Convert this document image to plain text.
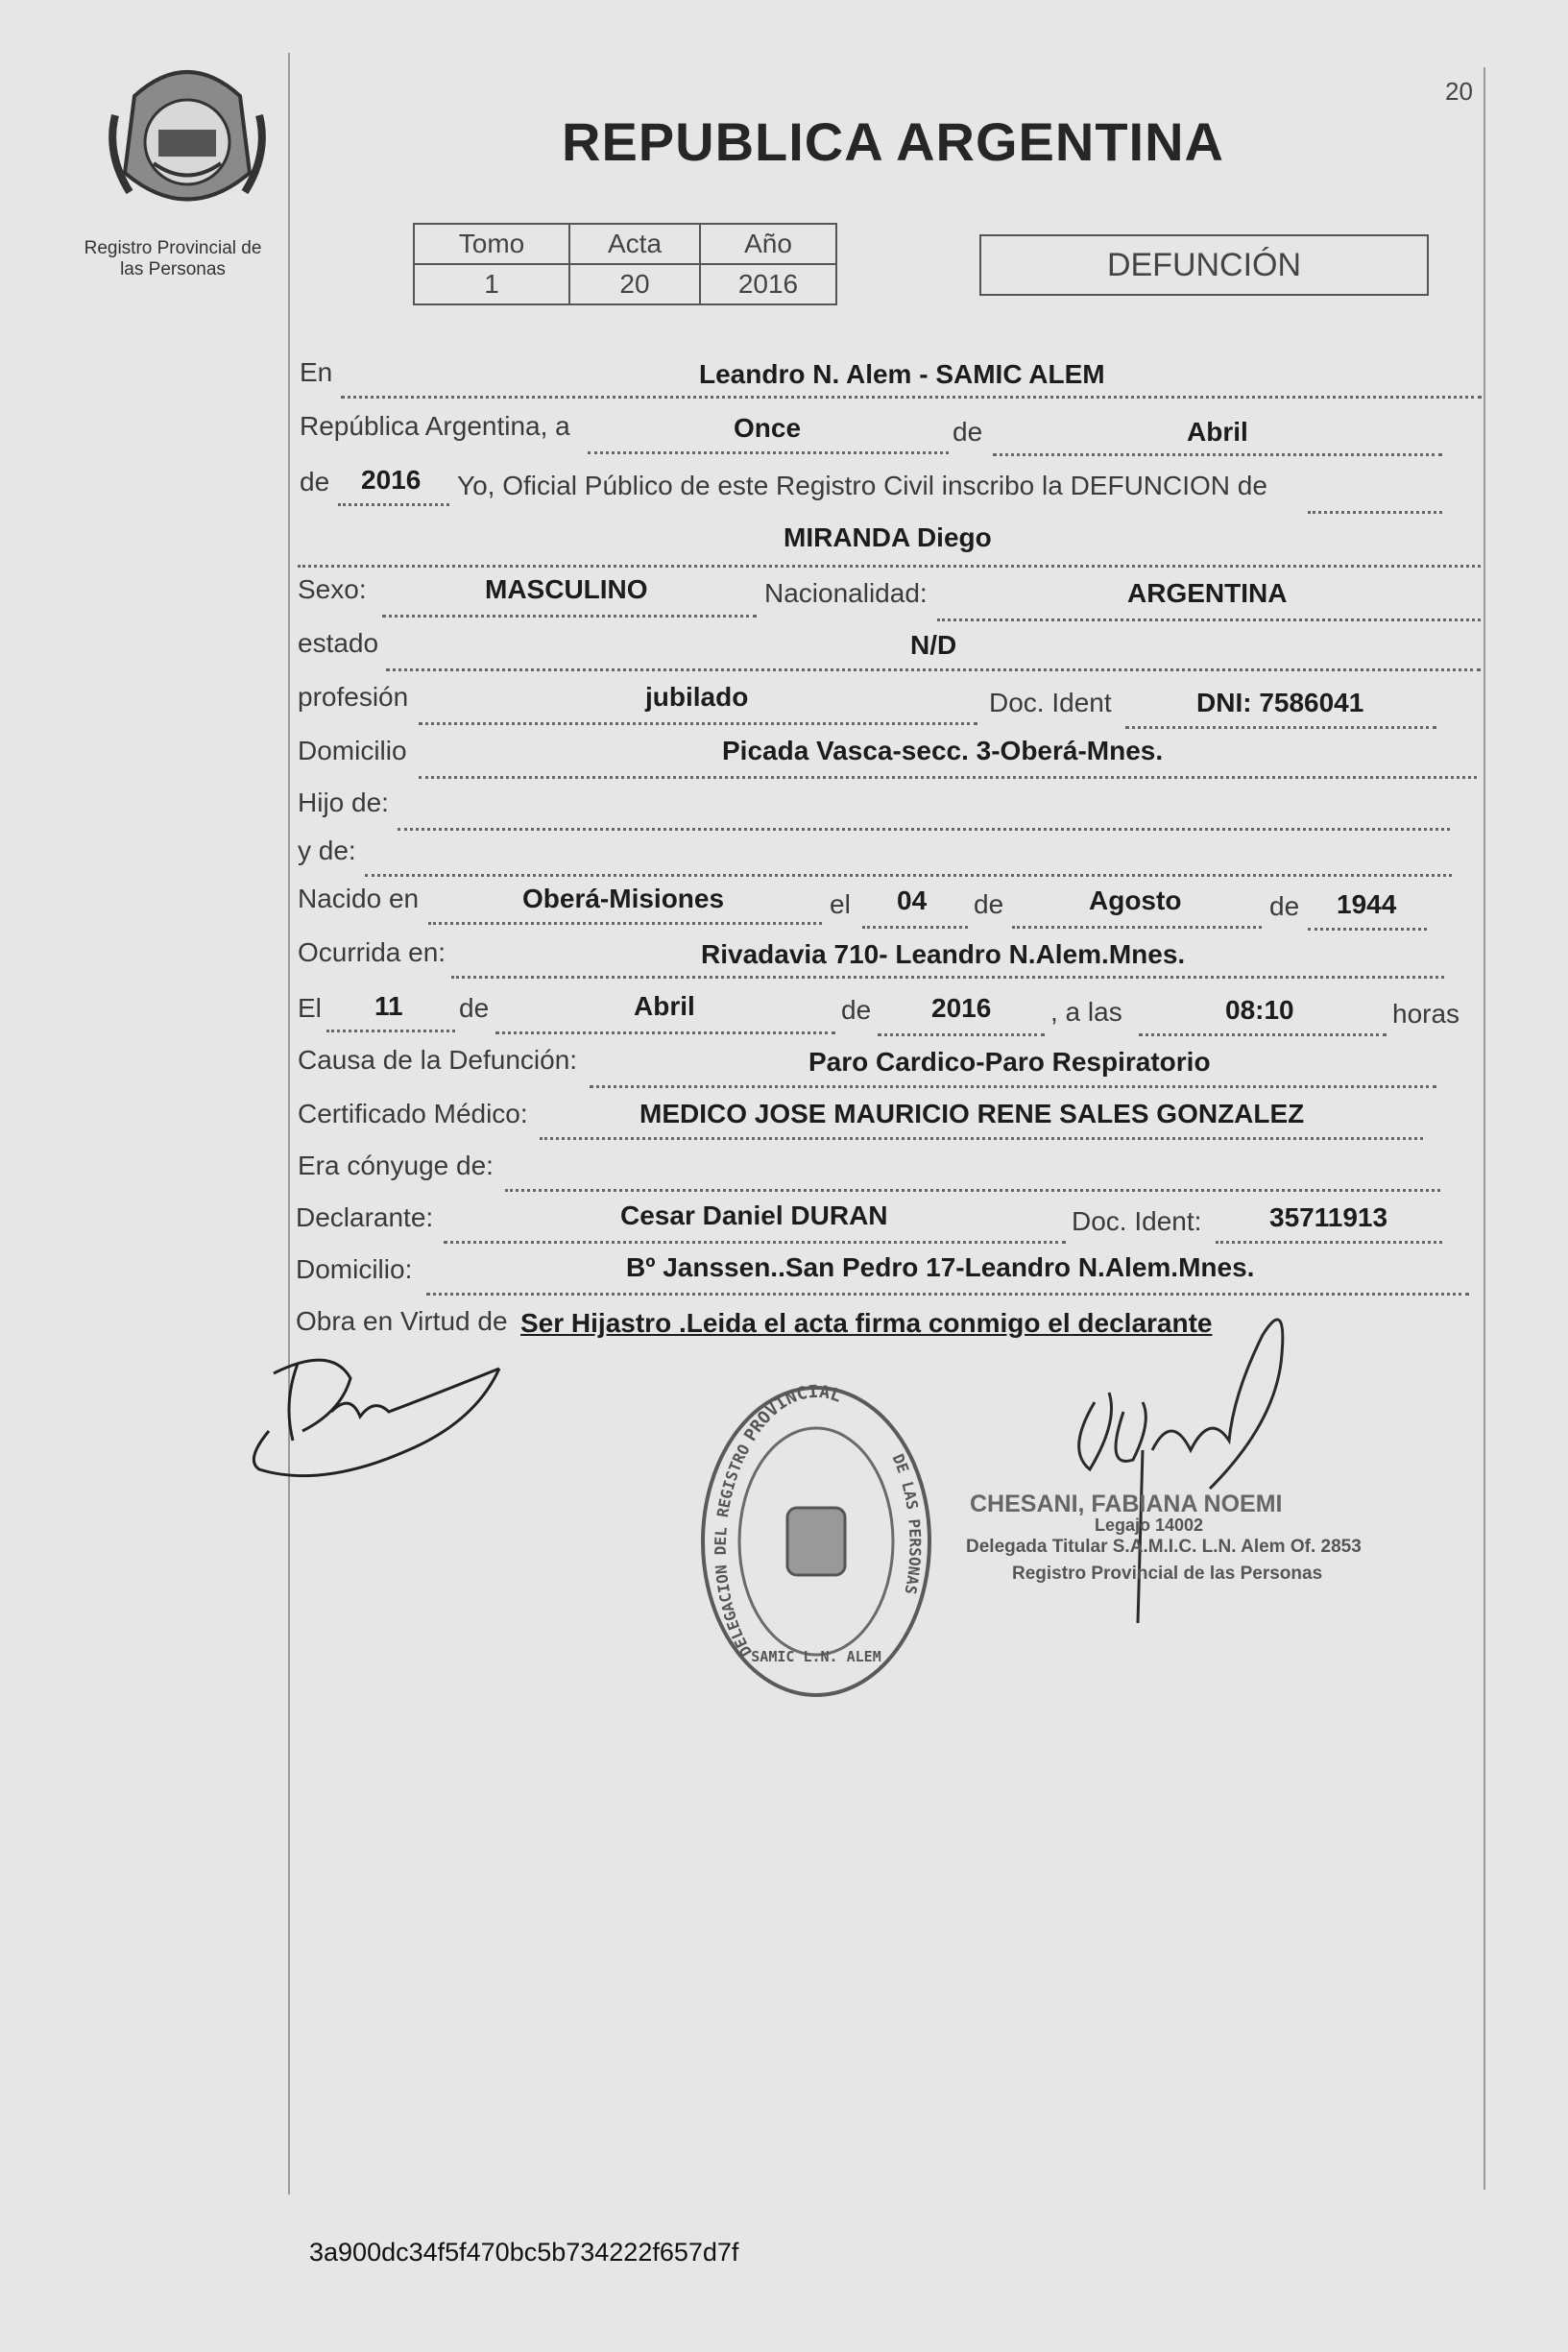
Registro Provincial de
las Personas
20
REPUBLICA ARGENTINA
Tomo	Acta	Año
1	20	2016
DEFUNCIÓN
En	Leandro N. Alem - SAMIC ALEM
República Argentina, a	Once	de	Abril
de 2016 Yo, Oficial Público de este Registro Civil inscribo la DEFUNCION de
MIRANDA Diego
Sexo:	MASCULINO	Nacionalidad:	ARGENTINA
estado	N/D
profesión	jubilado	Doc. Ident	DNI: 7586041
Domicilio	Picada Vasca-secc. 3-Oberá-Mnes.
Hijo de:
y de:
Nacido en	Oberá-Misiones	el 04 de	Agosto	de 1944
Ocurrida en:	Rivadavia 710- Leandro N.Alem.Mnes.
El 11 de	Abril	de 2016 , a las	08:10	horas
Causa de la Defunción:	Paro Cardico-Paro Respiratorio
Certificado Médico:	MEDICO JOSE MAURICIO RENE SALES GONZALEZ
Era cónyuge de:
Declarante:	Cesar Daniel DURAN	Doc. Ident:	35711913
Domicilio:	Bº Janssen..San Pedro 17-Leandro N.Alem.Mnes.
Obra en Virtud de Ser Hijastro .Leida el acta firma conmigo el declarante
PROVINCIAL
DELEGACION DEL REGISTRO
DE LAS PERSONAS
SAMIC L.N. ALEM
CHESANI, FABIANA NOEMI
Legajo 14002
Delegada Titular S.A.M.I.C. L.N. Alem Of. 2853
Registro Provincial de las Personas
3a900dc34f5f470bc5b734222f657d7f
